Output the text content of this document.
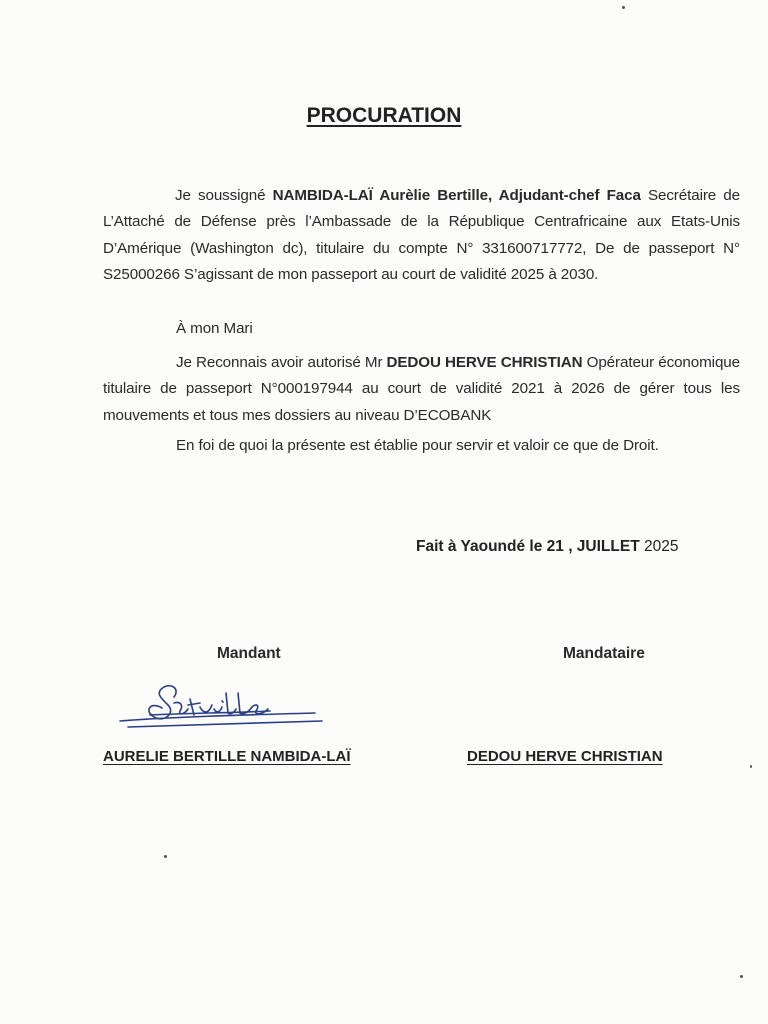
PROCURATION
Je soussigné NAMBIDA-LAÏ Aurèlie Bertille, Adjudant-chef Faca Secrétaire de L’Attaché de Défense près l’Ambassade de la République Centrafricaine aux Etats-Unis D’Amérique (Washington dc), titulaire du compte N° 331600717772, De de passeport N° S25000266 S’agissant de mon passeport au court de validité 2025 à 2030.
À mon Mari
Je Reconnais avoir autorisé Mr DEDOU HERVE CHRISTIAN Opérateur économique titulaire de passeport N°000197944 au court de validité 2021 à 2026 de gérer tous les mouvements et tous mes dossiers au niveau D’ECOBANK
En foi de quoi la présente est établie pour servir et valoir ce que de Droit.
Fait à Yaoundé le 21 , JUILLET 2025
Mandant	Mandataire
AURELIE BERTILLE NAMBIDA-LAÏ	DEDOU HERVE CHRISTIAN
